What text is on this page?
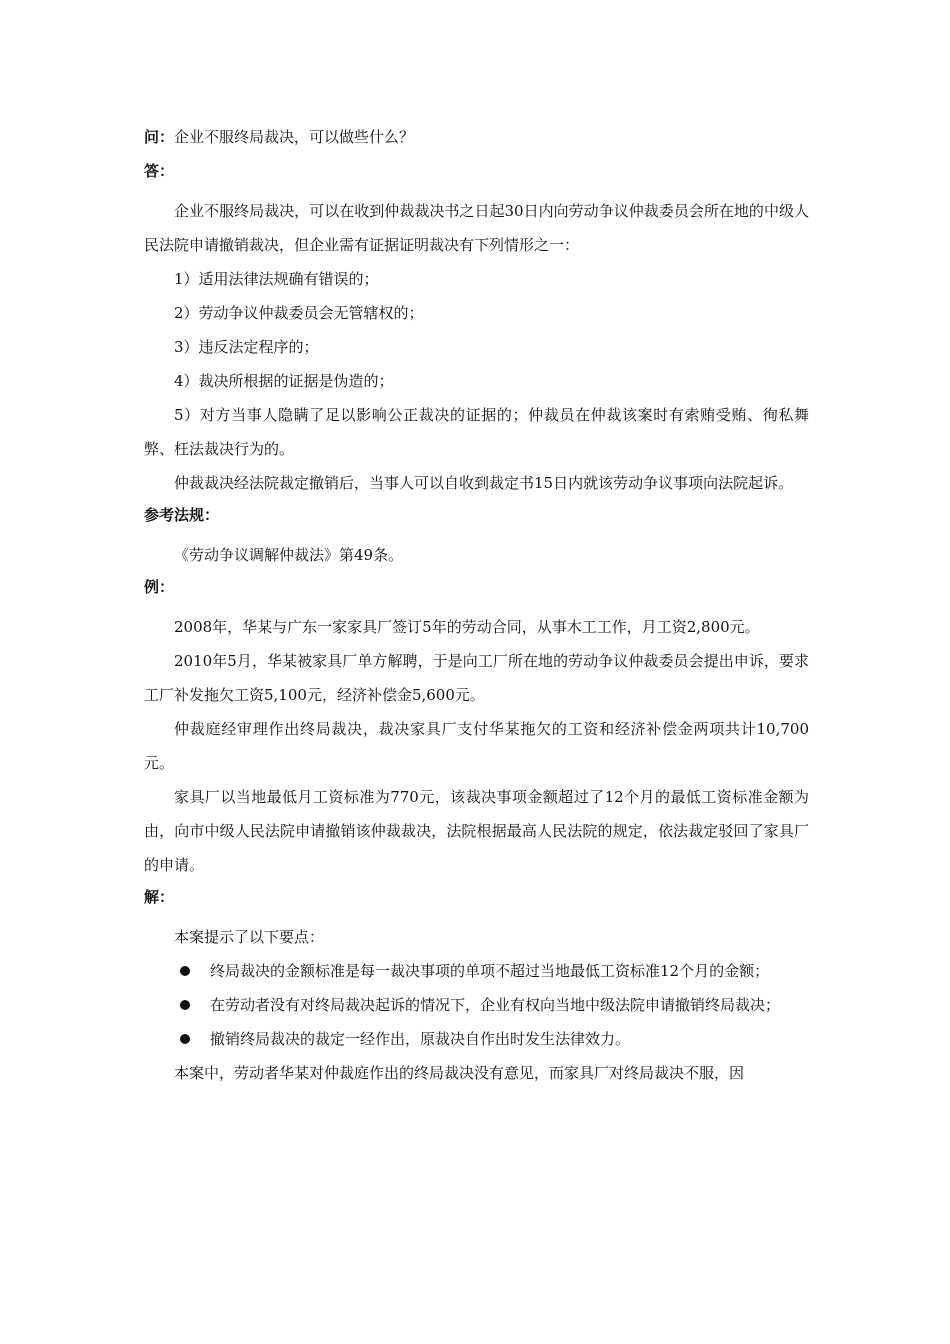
问：企业不服终局裁决，可以做些什么？
答：

企业不服终局裁决，可以在收到仲裁裁决书之日起30日内向劳动争议仲裁委员会所在地的中级人民法院申请撤销裁决，但企业需有证据证明裁决有下列情形之一：

1）适用法律法规确有错误的；

2）劳动争议仲裁委员会无管辖权的；

3）违反法定程序的；

4）裁决所根据的证据是伪造的；

5）对方当事人隐瞒了足以影响公正裁决的证据的；仲裁员在仲裁该案时有索贿受贿、徇私舞弊、枉法裁决行为的。

仲裁裁决经法院裁定撤销后，当事人可以自收到裁定书15日内就该劳动争议事项向法院起诉。

参考法规：

《劳动争议调解仲裁法》第49条。

例：

2008年，华某与广东一家家具厂签订5年的劳动合同，从事木工工作，月工资2,800元。

2010年5月，华某被家具厂单方解聘，于是向工厂所在地的劳动争议仲裁委员会提出申诉，要求工厂补发拖欠工资5,100元，经济补偿金5,600元。

仲裁庭经审理作出终局裁决，裁决家具厂支付华某拖欠的工资和经济补偿金两项共计10,700元。

家具厂以当地最低月工资标准为770元，该裁决事项金额超过了12个月的最低工资标准金额为由，向市中级人民法院申请撤销该仲裁裁决，法院根据最高人民法院的规定，依法裁定驳回了家具厂的申请。

解：

本案提示了以下要点：

终局裁决的金额标准是每一裁决事项的单项不超过当地最低工资标准12个月的金额；
在劳动者没有对终局裁决起诉的情况下，企业有权向当地中级法院申请撤销终局裁决；
撤销终局裁决的裁定一经作出，原裁决自作出时发生法律效力。

本案中，劳动者华某对仲裁庭作出的终局裁决没有意见，而家具厂对终局裁决不服，因
